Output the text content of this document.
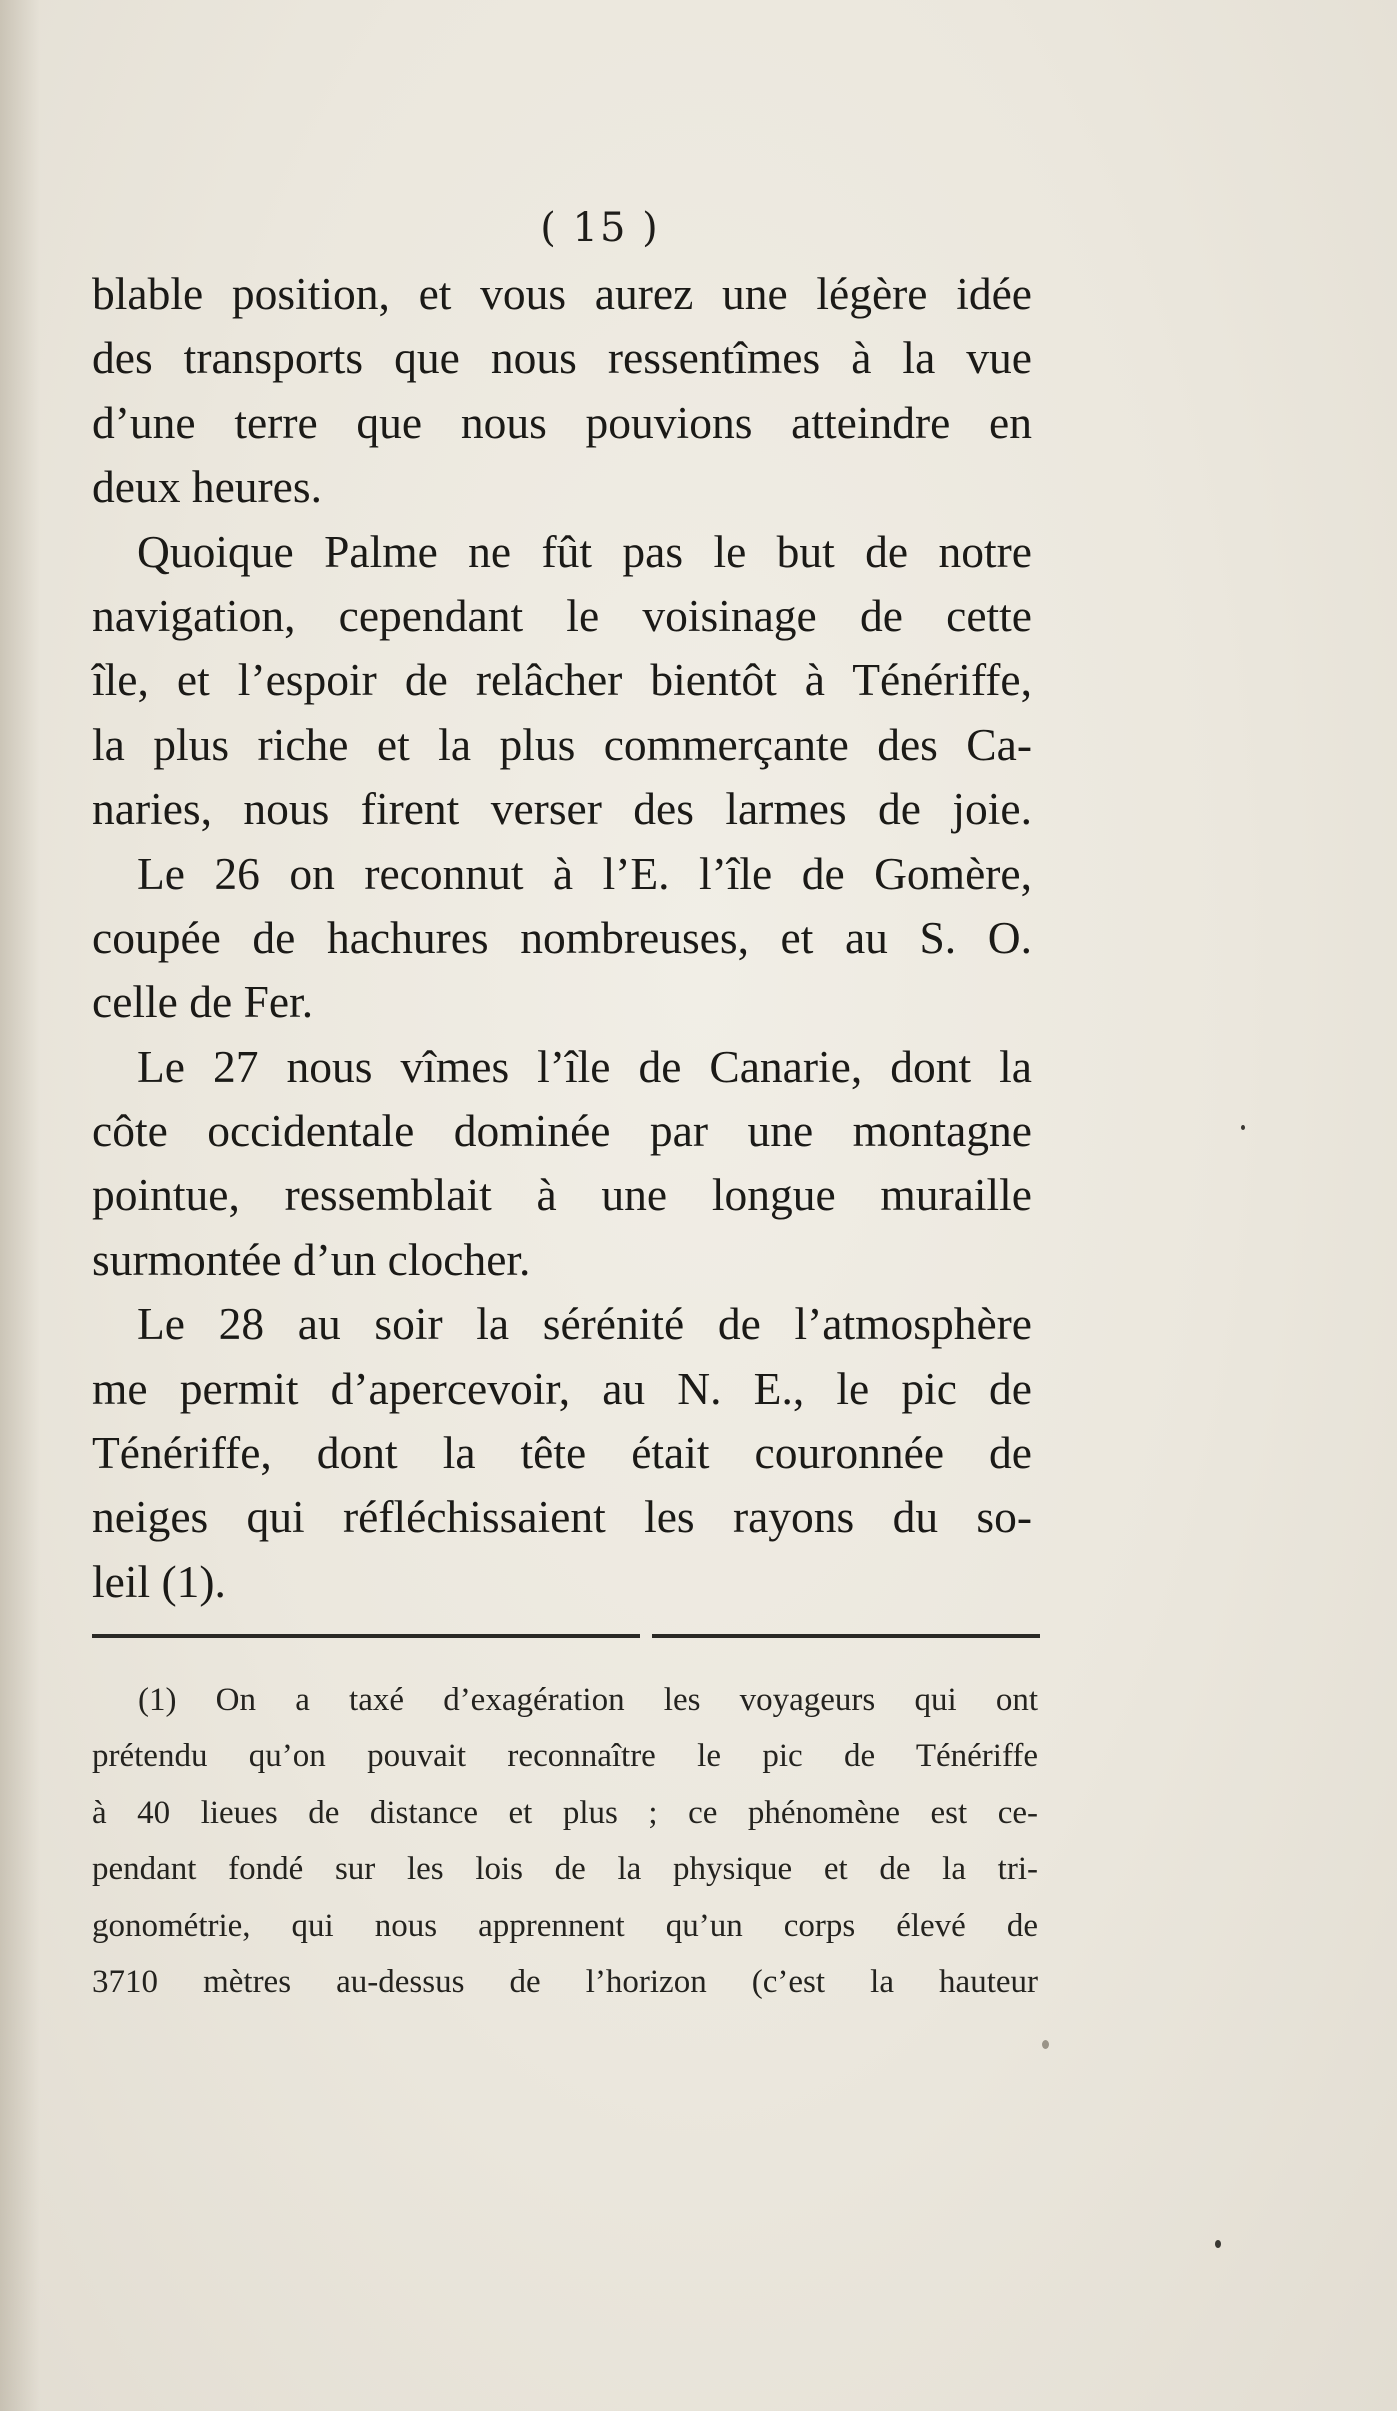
( 15 )
blable position, et vous aurez une légère idée
des transports que nous ressentîmes à la vue
d’une terre que nous pouvions atteindre en
deux heures.
Quoique Palme ne fût pas le but de notre
navigation, cependant le voisinage de cette
île, et l’espoir de relâcher bientôt à Ténériffe,
la plus riche et la plus commerçante des Ca-
naries, nous firent verser des larmes de joie.
Le 26 on reconnut à l’E. l’île de Gomère,
coupée de hachures nombreuses, et au S. O.
celle de Fer.
Le 27 nous vîmes l’île de Canarie, dont la
côte occidentale dominée par une montagne
pointue, ressemblait à une longue muraille
surmontée d’un clocher.
Le 28 au soir la sérénité de l’atmosphère
me permit d’apercevoir, au N. E., le pic de
Ténériffe, dont la tête était couronnée de
neiges qui réfléchissaient les rayons du so-
leil (1).
(1) On a taxé d’exagération les voyageurs qui ont
prétendu qu’on pouvait reconnaître le pic de Ténériffe
à 40 lieues de distance et plus ; ce phénomène est ce-
pendant fondé sur les lois de la physique et de la tri-
gonométrie, qui nous apprennent qu’un corps élevé de
3710 mètres au-dessus de l’horizon (c’est la hauteur
